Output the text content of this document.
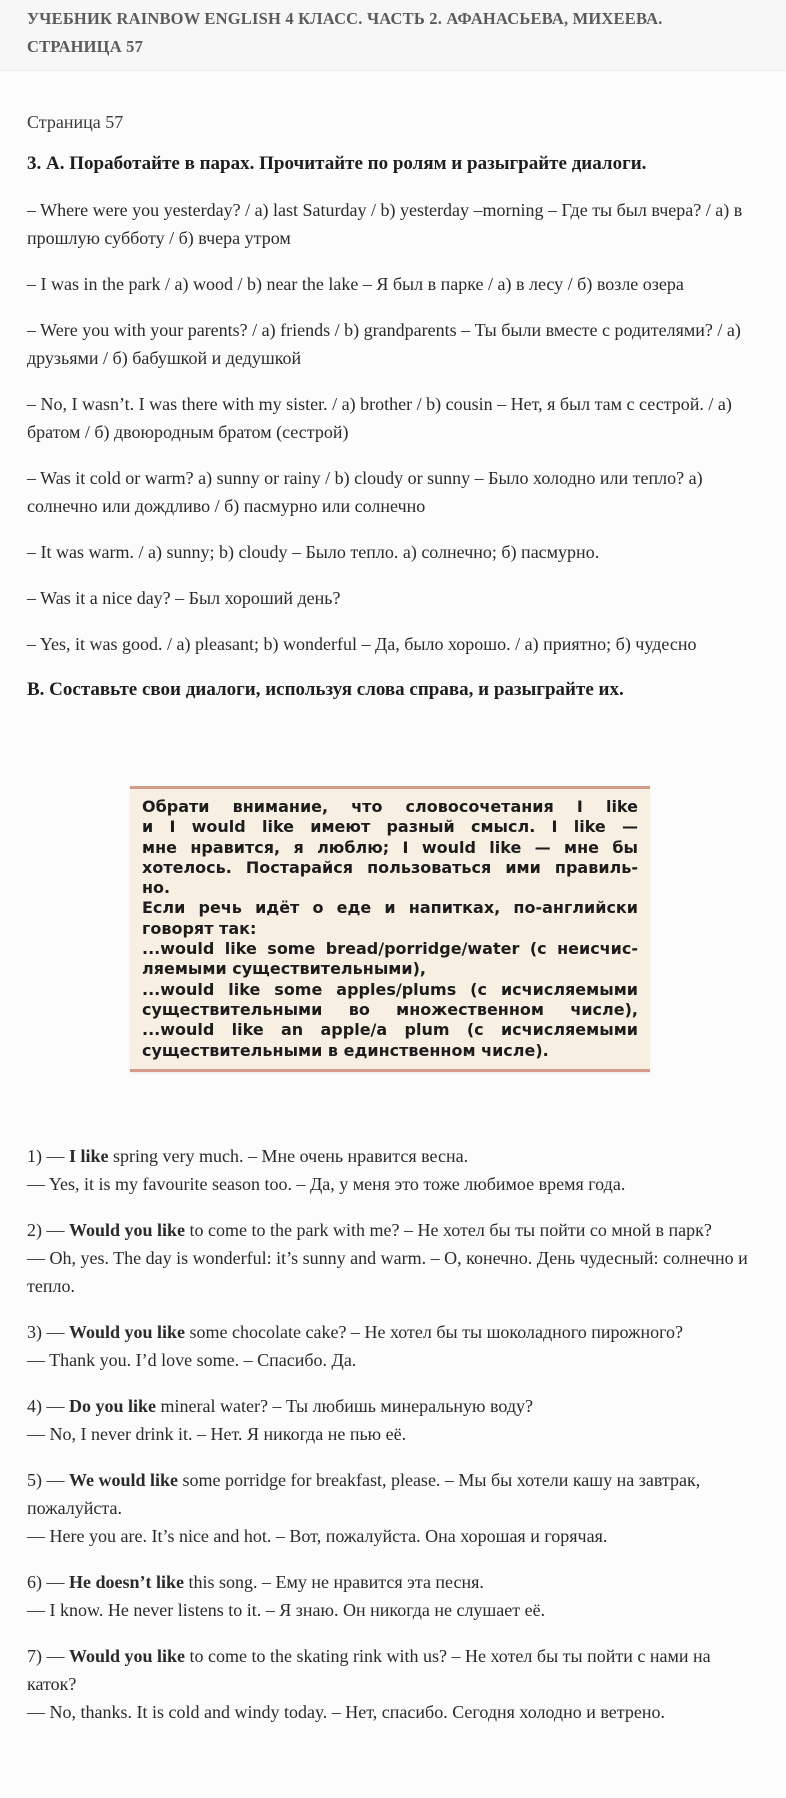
УЧЕБНИК RAINBOW ENGLISH 4 КЛАСС. ЧАСТЬ 2. АФАНАСЬЕВА, МИХЕЕВА. СТРАНИЦА 57

Страница 57

3. А. Поработайте в парах. Прочитайте по ролям и разыграйте диалоги.

– Where were you yesterday? / a) last Saturday / b) yesterday –morning – Где ты был вчера? / а) в прошлую субботу / б) вчера утром

– I was in the park / a) wood / b) near the lake – Я был в парке / а) в лесу / б) возле озера

– Were you with your parents? / a) friends / b) grandparents – Ты были вместе с родителями? / а) друзьями / б) бабушкой и дедушкой

– No, I wasn’t. I was there with my sister. / a) brother / b) cousin – Нет, я был там с сестрой. / а) братом / б) двоюродным братом (сестрой)

– Was it cold or warm? a) sunny or rainy / b) cloudy or sunny – Было холодно или тепло? а) солнечно или дождливо / б) пасмурно или солнечно

– It was warm. / a) sunny; b) cloudy – Было тепло. а) солнечно; б) пасмурно.

– Was it a nice day? – Был хороший день?

– Yes, it was good. / a) pleasant; b) wonderful – Да, было хорошо. / а) приятно; б) чудесно

B. Составьте свои диалоги, используя слова справа, и разыграйте их.

Обрати внимание, что словосочетания I like
и I would like имеют разный смысл. I like —
мне нравится, я люблю; I would like — мне бы
хотелось. Постарайся пользоваться ими правиль-
но.
Если речь идёт о еде и напитках, по-английски
говорят так:
...would like some bread/porridge/water (с неисчис-
ляемыми существительными),
...would like some apples/plums (с исчисляемыми
существительными во множественном числе),
...would like an apple/a plum (с исчисляемыми
существительными в единственном числе).

1) — I like spring very much. – Мне очень нравится весна.

— Yes, it is my favourite season too. – Да, у меня это тоже любимое время года.

2) — Would you like to come to the park with me? – Не хотел бы ты пойти со мной в парк?

— Oh, yes. The day is wonderful: it’s sunny and warm. – О, конечно. День чудесный: солнечно и тепло.

3) — Would you like some chocolate cake? – Не хотел бы ты шоколадного пирожного?

— Thank you. I’d love some. – Спасибо. Да.

4) — Do you like mineral water? – Ты любишь минеральную воду?

— No, I never drink it. – Нет. Я никогда не пью её.

5) — We would like some porridge for breakfast, please. – Мы бы хотели кашу на завтрак, пожалуйста.

— Here you are. It’s nice and hot. – Вот, пожалуйста. Она хорошая и горячая.

6) — He doesn’t like this song. – Ему не нравится эта песня.

— I know. He never listens to it. – Я знаю. Он никогда не слушает её.

7) — Would you like to come to the skating rink with us? – Не хотел бы ты пойти с нами на каток?

— No, thanks. It is cold and windy today. – Нет, спасибо. Сегодня холодно и ветрено.
